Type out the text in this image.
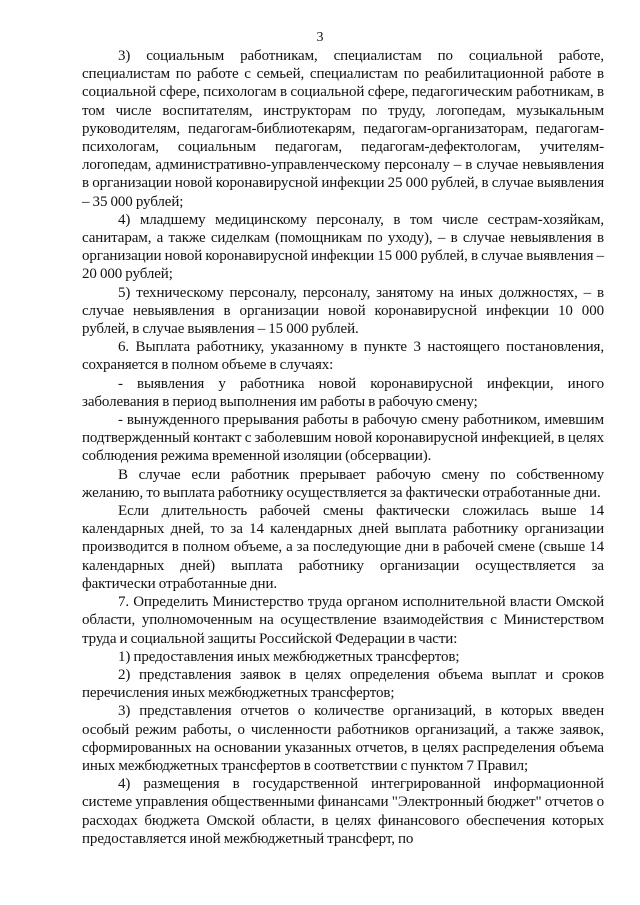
3

3) социальным работникам, специалистам по социальной работе, специалистам по работе с семьей, специалистам по реабилитационной работе в социальной сфере, психологам в социальной сфере, педагогическим работникам, в том числе воспитателям, инструкторам по труду, логопедам, музыкальным руководителям, педагогам-библиотекарям, педагогам-организаторам, педагогам-психологам, социальным педагогам, педагогам-дефектологам, учителям-логопедам, административно-управленческому персоналу – в случае невыявления в организации новой коронавирусной инфекции 25 000 рублей, в случае выявления – 35 000 рублей;

4) младшему медицинскому персоналу, в том числе сестрам-хозяйкам, санитарам, а также сиделкам (помощникам по уходу), – в случае невыявления в организации новой коронавирусной инфекции 15 000 рублей, в случае выявления – 20 000 рублей;

5) техническому персоналу, персоналу, занятому на иных должностях, – в случае невыявления в организации новой коронавирусной инфекции 10 000 рублей, в случае выявления – 15 000 рублей.

6. Выплата работнику, указанному в пункте 3 настоящего постановления, сохраняется в полном объеме в случаях:

- выявления у работника новой коронавирусной инфекции, иного заболевания в период выполнения им работы в рабочую смену;

- вынужденного прерывания работы в рабочую смену работником, имевшим подтвержденный контакт с заболевшим новой коронавирусной инфекцией, в целях соблюдения режима временной изоляции (обсервации).

В случае если работник прерывает рабочую смену по собственному желанию, то выплата работнику осуществляется за фактически отработанные дни.

Если длительность рабочей смены фактически сложилась выше 14 календарных дней, то за 14 календарных дней выплата работнику организации производится в полном объеме, а за последующие дни в рабочей смене (свыше 14 календарных дней) выплата работнику организации осуществляется за фактически отработанные дни.

7. Определить Министерство труда органом исполнительной власти Омской области, уполномоченным на осуществление взаимодействия с Министерством труда и социальной защиты Российской Федерации в части:

1) предоставления иных межбюджетных трансфертов;

2) представления заявок в целях определения объема выплат и сроков перечисления иных межбюджетных трансфертов;

3) представления отчетов о количестве организаций, в которых введен особый режим работы, о численности работников организаций, а также заявок, сформированных на основании указанных отчетов, в целях распределения объема иных межбюджетных трансфертов в соответствии с пунктом 7 Правил;

4) размещения в государственной интегрированной информационной системе управления общественными финансами "Электронный бюджет" отчетов о расходах бюджета Омской области, в целях финансового обеспечения которых предоставляется иной межбюджетный трансферт, по
